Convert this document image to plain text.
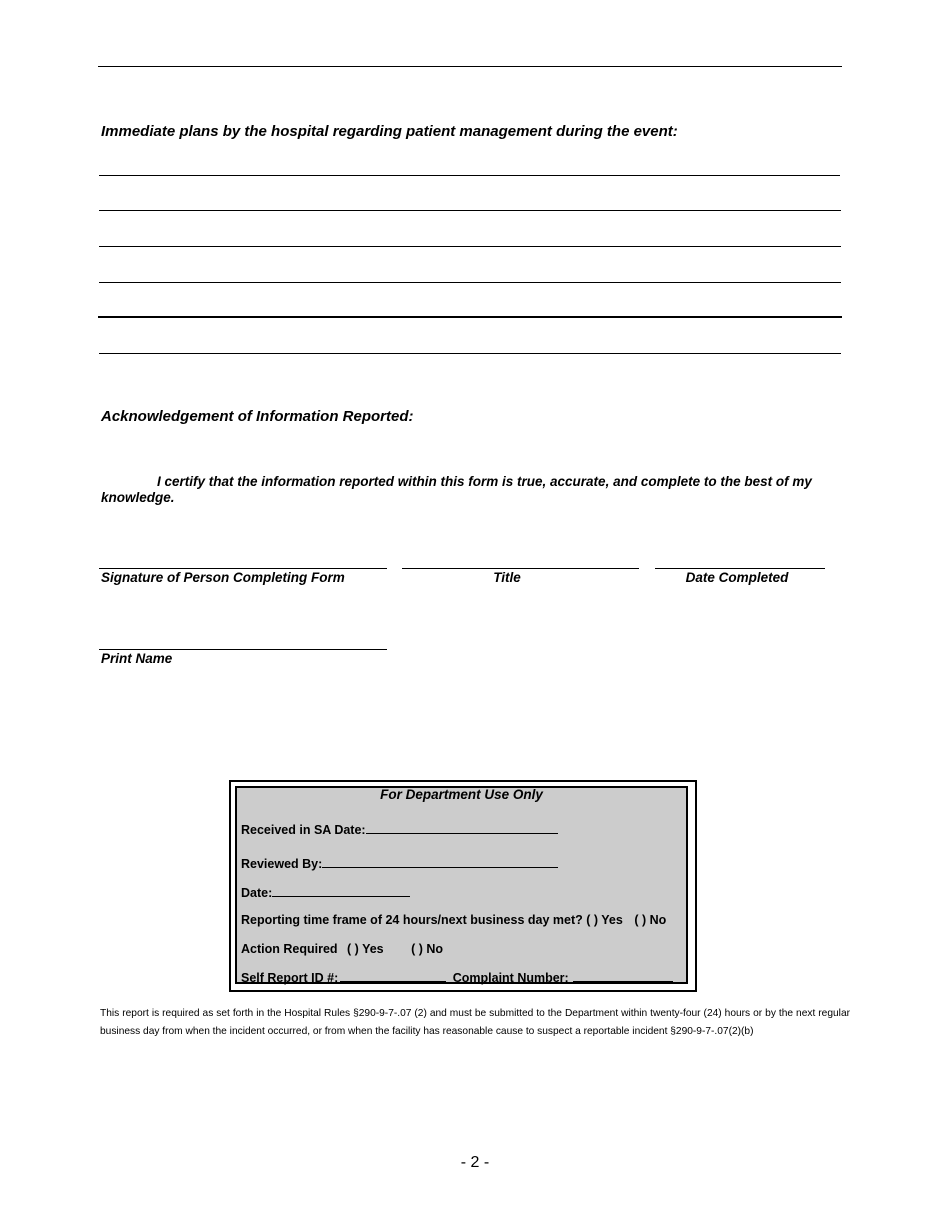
Immediate plans by the hospital regarding patient management during the event:
Acknowledgement of Information Reported:
I certify that the information reported within this form is true, accurate, and complete to the best of my knowledge.
Signature of Person Completing Form	Title	Date Completed
Print Name
For Department Use Only
Received in SA Date:
Reviewed By:
Date:
Reporting time frame of 24 hours/next business day met? ( ) Yes ( ) No
Action Required ( ) Yes ( ) No
Self Report ID #:	Complaint Number:
This report is required as set forth in the Hospital Rules §290-9-7-.07 (2) and must be submitted to the Department within twenty-four (24) hours or by the next regular business day from when the incident occurred, or from when the facility has reasonable cause to suspect a reportable incident §290-9-7-.07(2)(b)
- 2 -
